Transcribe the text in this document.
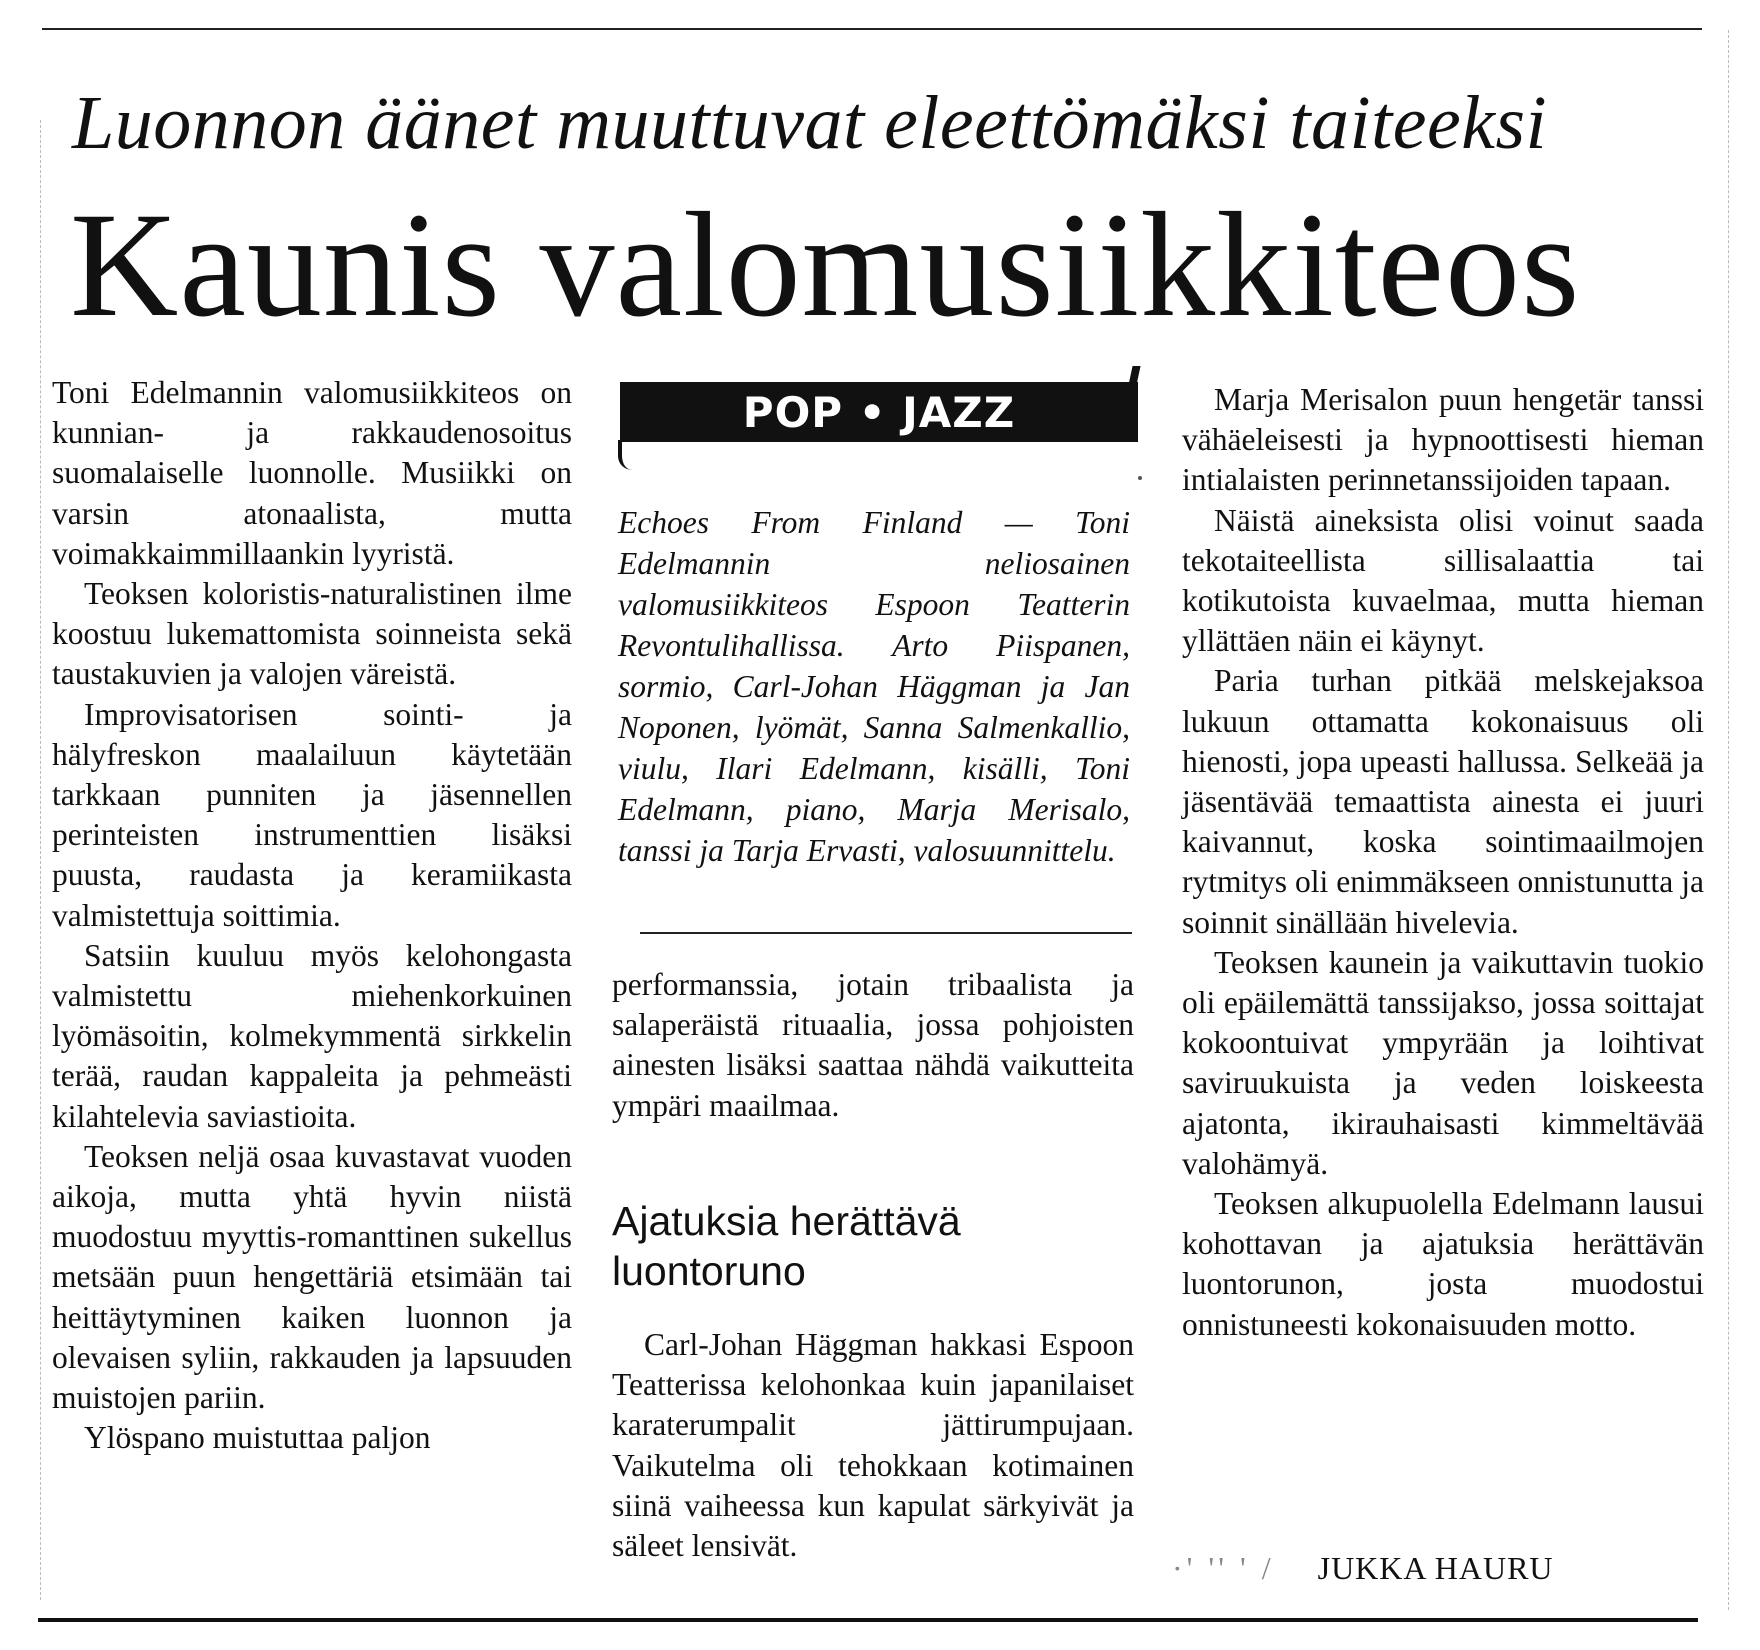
Luonnon äänet muuttuvat eleettömäksi taiteeksi
Kaunis valomusiikkiteos

Toni Edelmannin valomusiikkiteos on kunnian- ja rakkaudenosoitus suomalaiselle luonnolle. Musiikki on varsin atonaalista, mutta voimakkaimmillaankin lyyristä.

Teoksen koloristis-naturalistinen ilme koostuu lukemattomista soinneista sekä taustakuvien ja valojen väreistä.

Improvisatorisen sointi- ja hälyfreskon maalailuun käytetään tarkkaan punniten ja jäsennellen perinteisten instrumenttien lisäksi puusta, raudasta ja keramiikasta valmistettuja soittimia.

Satsiin kuuluu myös kelohongasta valmistettu miehenkorkuinen lyömäsoitin, kolmekymmentä sirkkelin terää, raudan kappaleita ja pehmeästi kilahtelevia saviastioita.

Teoksen neljä osaa kuvastavat vuoden aikoja, mutta yhtä hyvin niistä muodostuu myyttis-romanttinen sukellus metsään puun hengettäriä etsimään tai heittäytyminen kaiken luonnon ja olevaisen syliin, rakkauden ja lapsuuden muistojen pariin.

Ylöspano muistuttaa paljon

POP • JAZZ
Echoes From Finland — Toni Edelmannin neliosainen valomusiikkiteos Espoon Teatterin Revontulihallissa. Arto Piispanen, sormio, Carl-Johan Häggman ja Jan Noponen, lyömät, Sanna Salmenkallio, viulu, Ilari Edelmann, kisälli, Toni Edelmann, piano, Marja Merisalo, tanssi ja Tarja Ervasti, valosuunnittelu.

performanssia, jotain tribaalista ja salaperäistä rituaalia, jossa pohjoisten ainesten lisäksi saattaa nähdä vaikutteita ympäri maailmaa.

Ajatuksia herättävä luontoruno

Carl-Johan Häggman hakkasi Espoon Teatterissa kelohonkaa kuin japanilaiset karaterumpalit jättirumpujaan. Vaikutelma oli tehokkaan kotimainen siinä vaiheessa kun kapulat särkyivät ja säleet lensivät.

Marja Merisalon puun hengetär tanssi vähäeleisesti ja hypnoottisesti hieman intialaisten perinnetanssijoiden tapaan.

Näistä aineksista olisi voinut saada tekotaiteellista sillisalaattia tai kotikutoista kuvaelmaa, mutta hieman yllättäen näin ei käynyt.

Paria turhan pitkää melskejaksoa lukuun ottamatta kokonaisuus oli hienosti, jopa upeasti hallussa. Selkeää ja jäsentävää temaattista ainesta ei juuri kaivannut, koska sointimaailmojen rytmitys oli enimmäkseen onnistunutta ja soinnit sinällään hivelevia.

Teoksen kaunein ja vaikuttavin tuokio oli epäilemättä tanssijakso, jossa soittajat kokoontuivat ympyrään ja loihtivat saviruukuista ja veden loiskeesta ajatonta, ikirauhaisasti kimmeltävää valohämyä.

Teoksen alkupuolella Edelmann lausui kohottavan ja ajatuksia herättävän luontorunon, josta muodostui onnistuneesti kokonaisuuden motto.

·' '' ' / JUKKA HAURU
